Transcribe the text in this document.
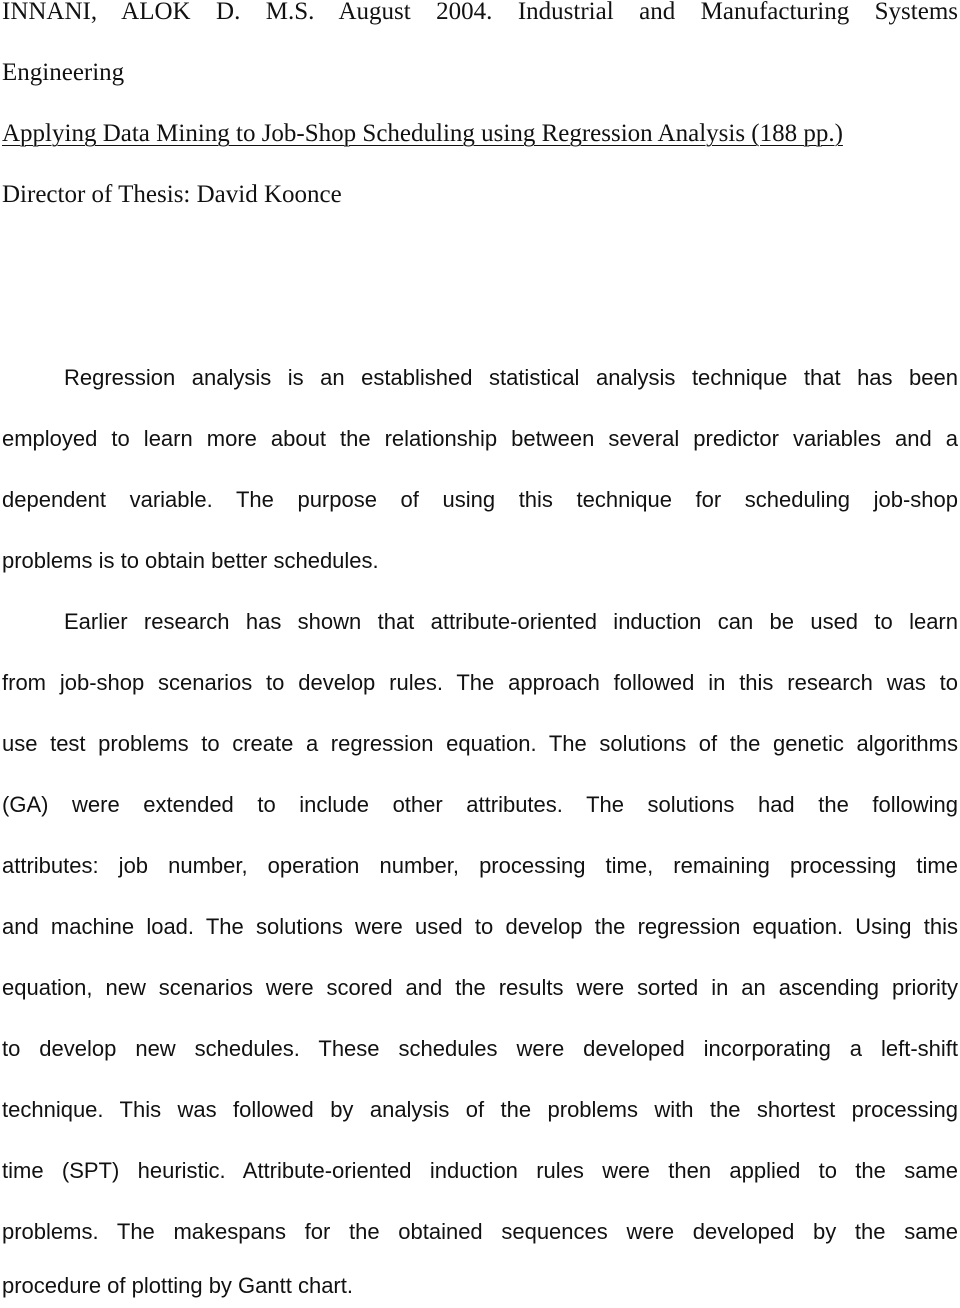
INNANI, ALOK D. M.S. August 2004. Industrial and Manufacturing Systems
Engineering
Applying Data Mining to Job-Shop Scheduling using Regression Analysis (188 pp.)
Director of Thesis: David Koonce
Regression analysis is an established statistical analysis technique that has been
employed to learn more about the relationship between several predictor variables and a
dependent variable. The purpose of using this technique for scheduling job-shop
problems is to obtain better schedules.
Earlier research has shown that attribute-oriented induction can be used to learn
from job-shop scenarios to develop rules. The approach followed in this research was to
use test problems to create a regression equation. The solutions of the genetic algorithms
(GA) were extended to include other attributes. The solutions had the following
attributes: job number, operation number, processing time, remaining processing time
and machine load. The solutions were used to develop the regression equation. Using this
equation, new scenarios were scored and the results were sorted in an ascending priority
to develop new schedules. These schedules were developed incorporating a left-shift
technique. This was followed by analysis of the problems with the shortest processing
time (SPT) heuristic. Attribute-oriented induction rules were then applied to the same
problems. The makespans for the obtained sequences were developed by the same
procedure of plotting by Gantt chart.
